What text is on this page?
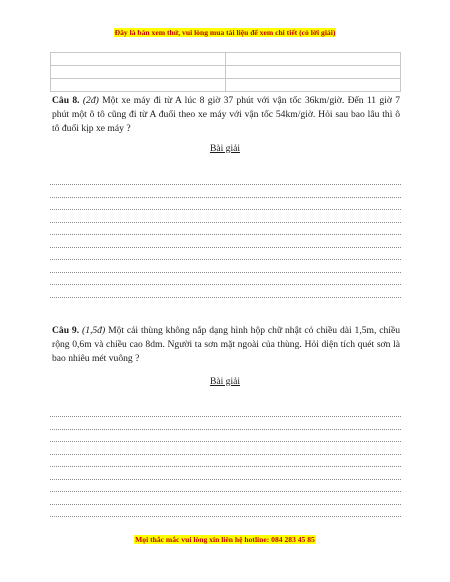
Đây là bản xem thử, vui lòng mua tài liệu để xem chi tiết (có lời giải)

Câu 8. (2đ) Một xe máy đi từ A lúc 8 giờ 37 phút với vận tốc 36km/giờ. Đến 11 giờ 7 phút một ô tô cũng đi từ A đuổi theo xe máy với vận tốc 54km/giờ. Hỏi sau bao lâu thì ô tô đuổi kịp xe máy ?
Bài giải
Câu 9. (1,5đ) Một cái thùng không nắp dạng hình hộp chữ nhật có chiều dài 1,5m, chiều rộng 0,6m và chiều cao 8dm. Người ta sơn mặt ngoài của thùng. Hỏi diện tích quét sơn là bao nhiêu mét vuông ?
Bài giải
Mọi thắc mắc vui lòng xin liên hệ hotline: 084 283 45 85
